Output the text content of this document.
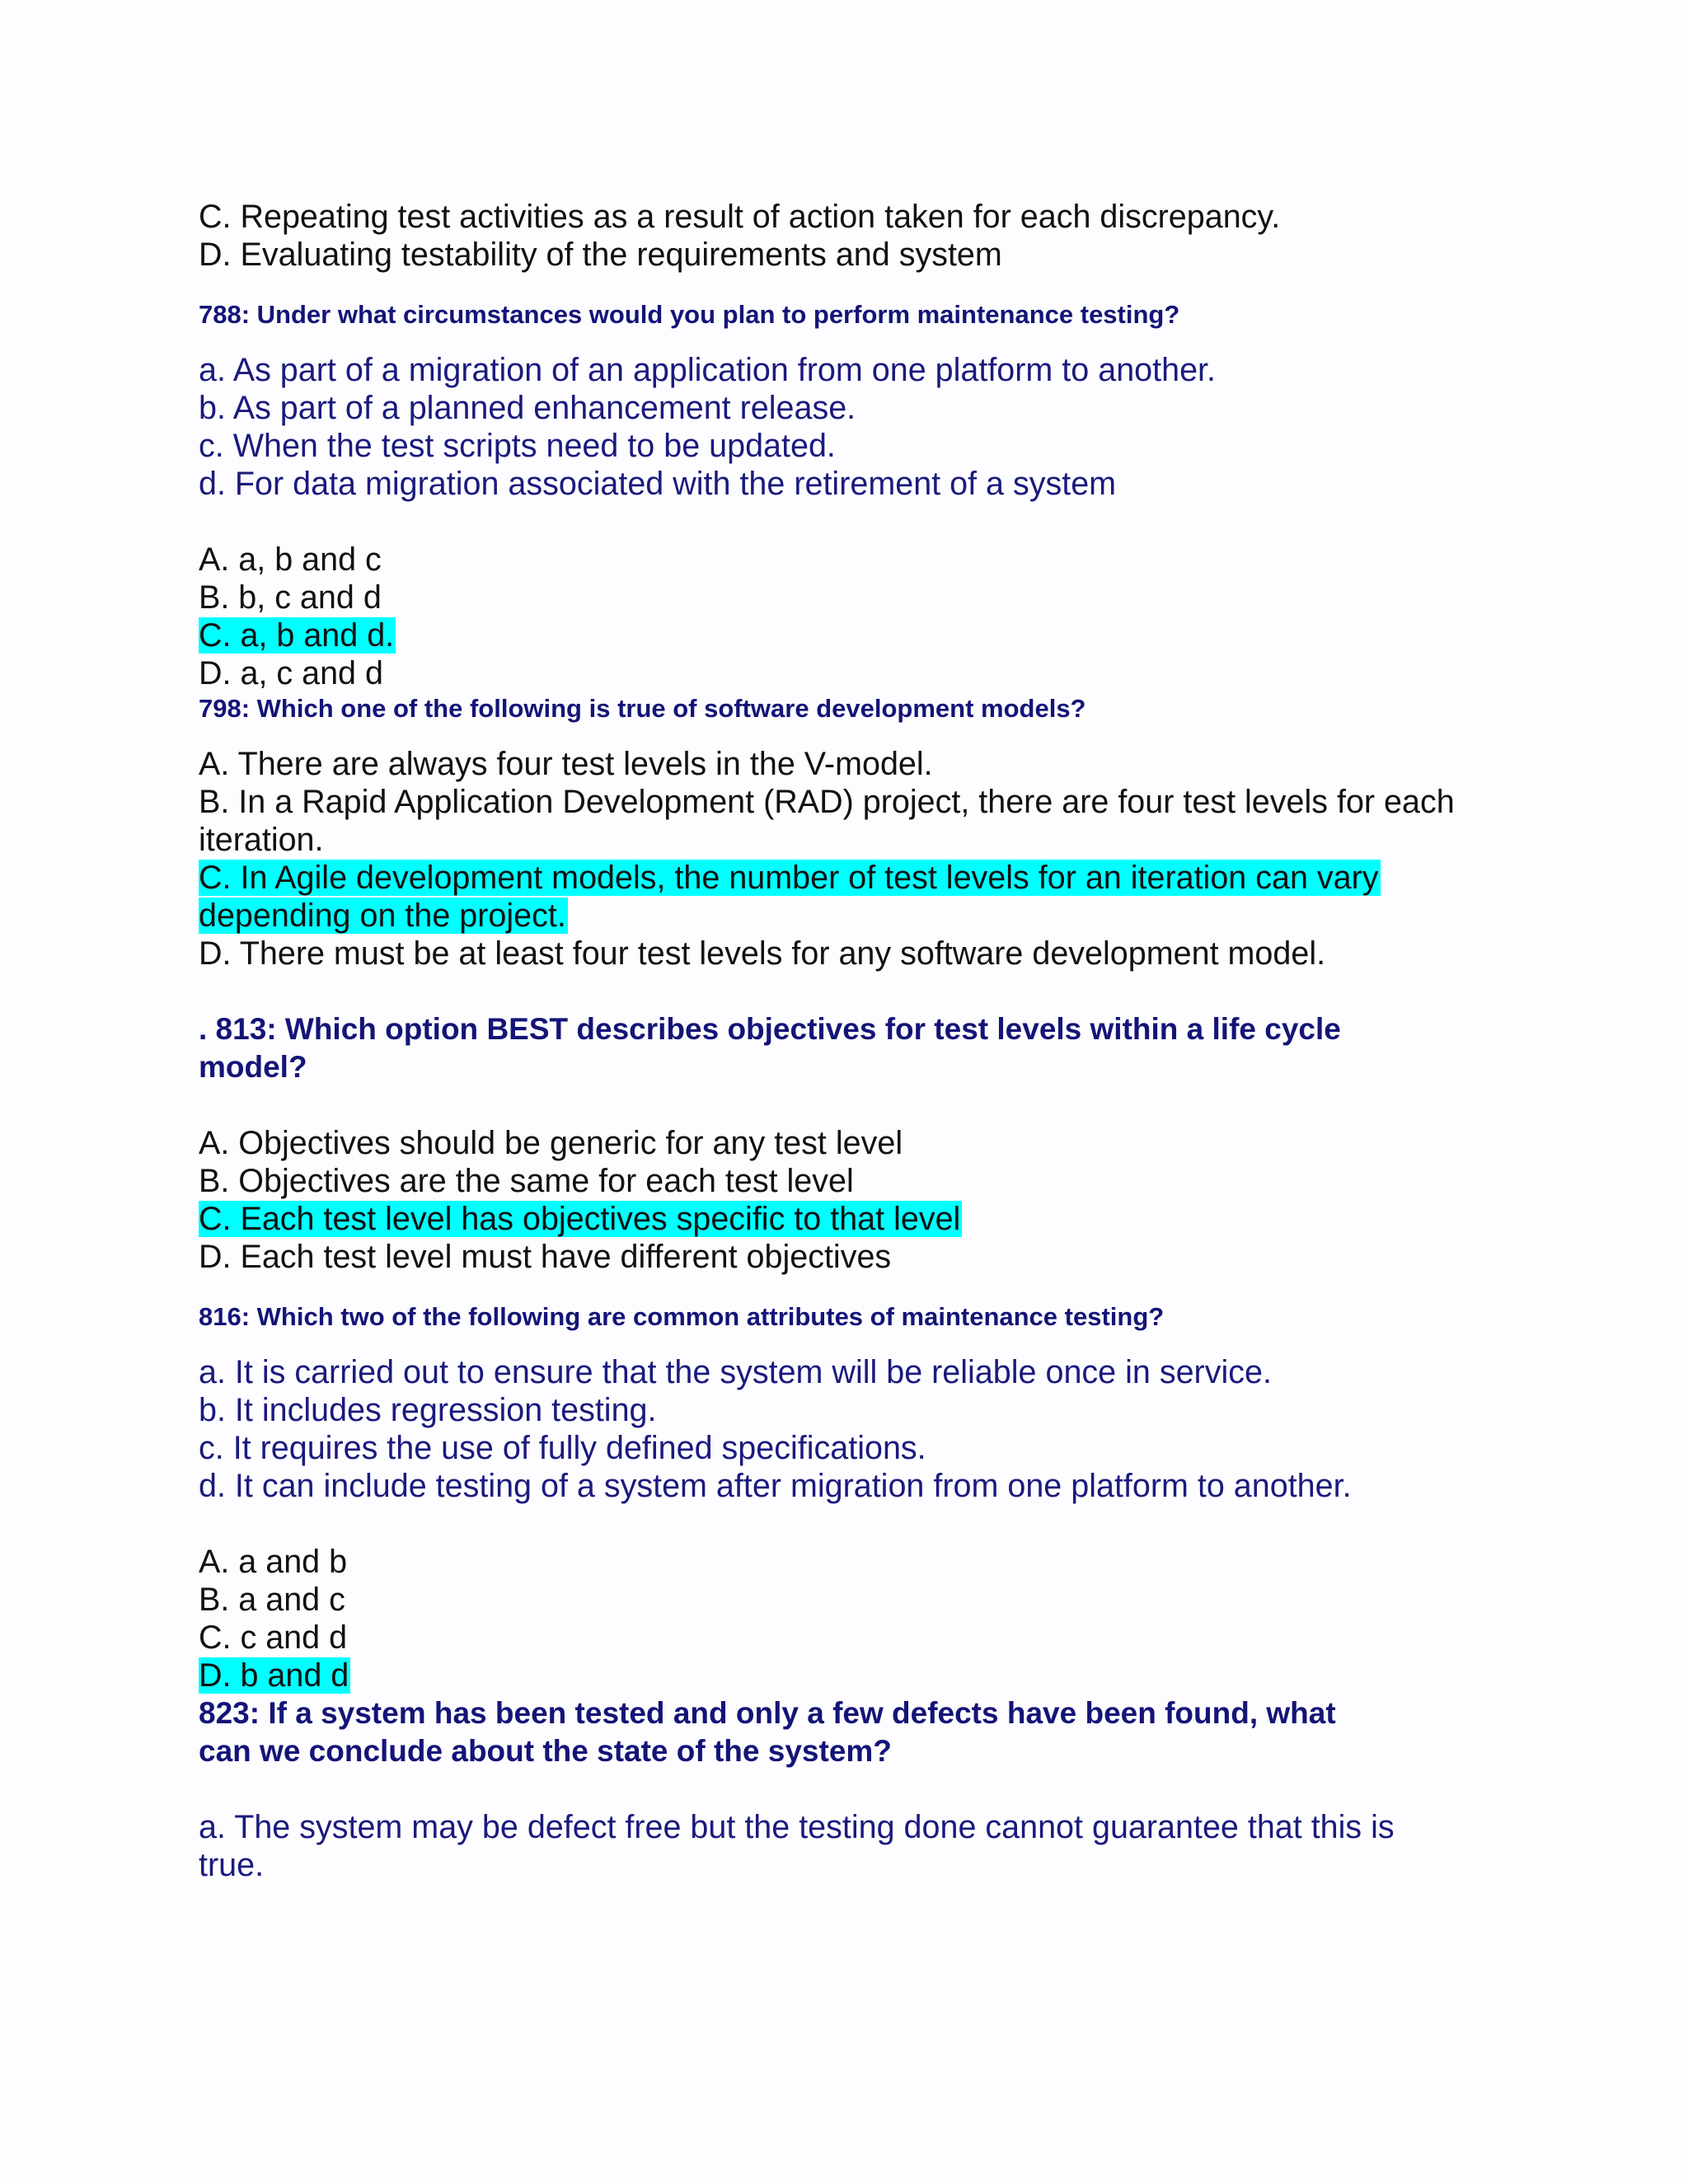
C. Repeating test activities as a result of action taken for each discrepancy.
D. Evaluating testability of the requirements and system
788: Under what circumstances would you plan to perform maintenance testing?
a. As part of a migration of an application from one platform to another.
b. As part of a planned enhancement release.
c. When the test scripts need to be updated.
d. For data migration associated with the retirement of a system
A. a, b and c
B. b, c and d
C. a, b and d.
D. a, c and d
798: Which one of the following is true of software development models?
A. There are always four test levels in the V-model.
B. In a Rapid Application Development (RAD) project, there are four test levels for each
iteration.
C. In Agile development models, the number of test levels for an iteration can vary
depending on the project.
D. There must be at least four test levels for any software development model.
. 813: Which option BEST describes objectives for test levels within a life cycle
model?
A. Objectives should be generic for any test level
B. Objectives are the same for each test level
C. Each test level has objectives specific to that level
D. Each test level must have different objectives
816: Which two of the following are common attributes of maintenance testing?
a. It is carried out to ensure that the system will be reliable once in service.
b. It includes regression testing.
c. It requires the use of fully defined specifications.
d. It can include testing of a system after migration from one platform to another.
A. a and b
B. a and c
C. c and d
D. b and d
823: If a system has been tested and only a few defects have been found, what
can we conclude about the state of the system?
a. The system may be defect free but the testing done cannot guarantee that this is
true.
